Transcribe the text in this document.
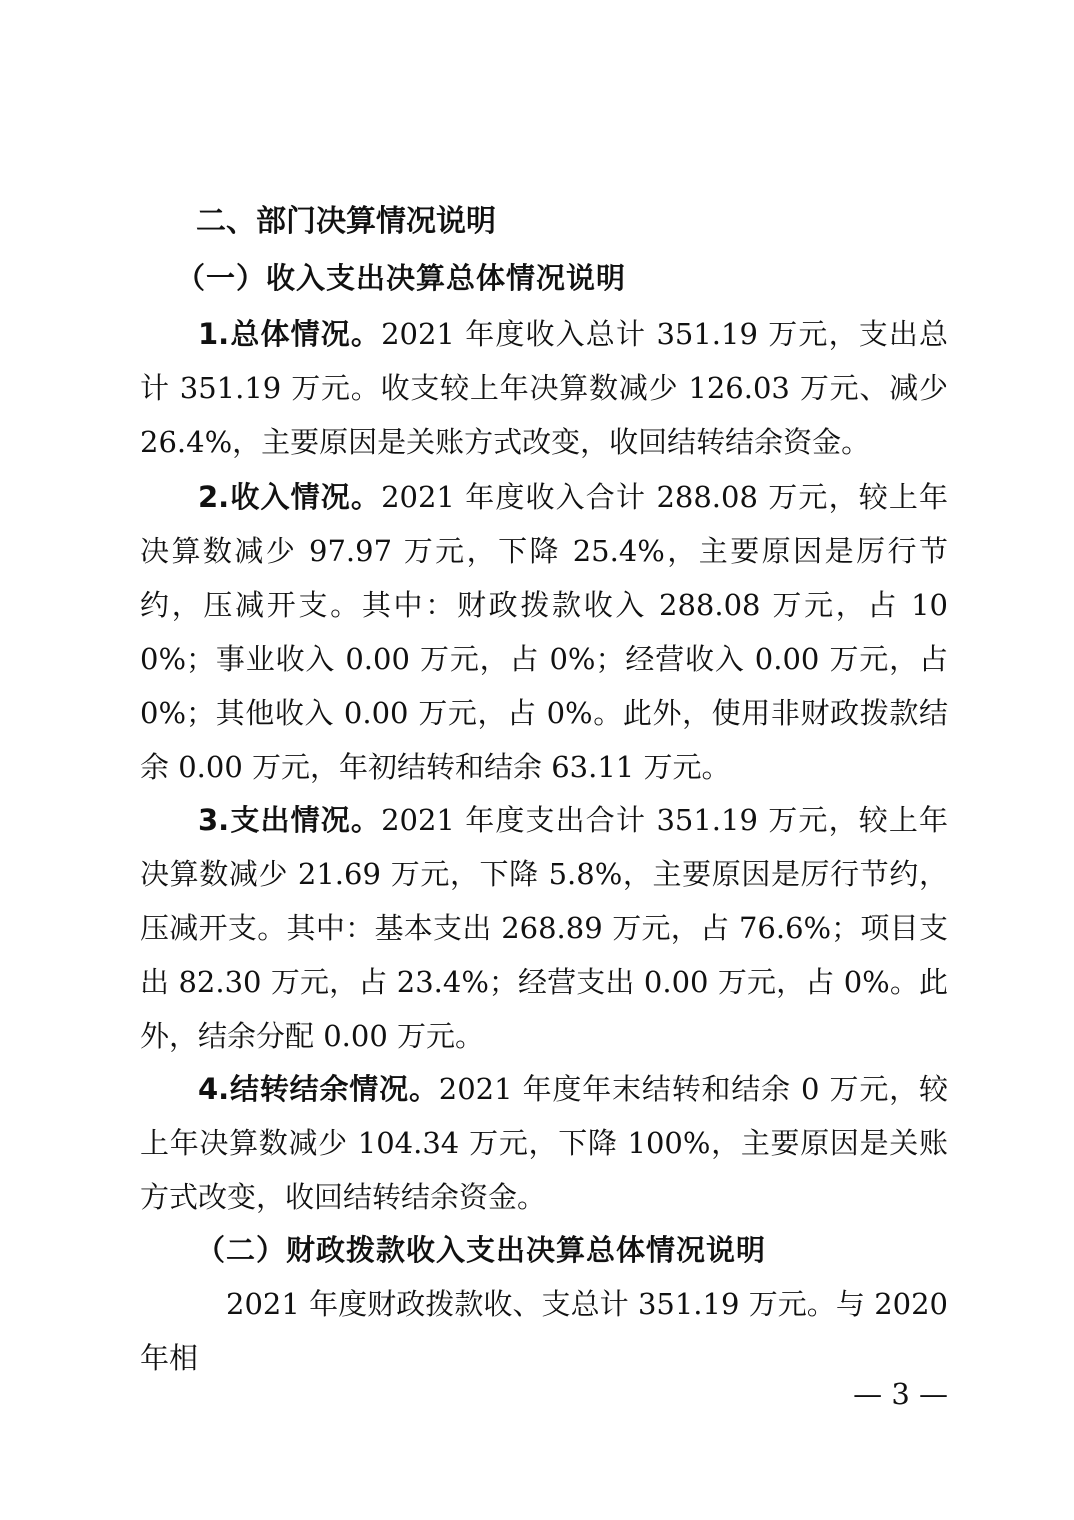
二、部门决算情况说明
（一）收入支出决算总体情况说明

1.总体情况。2021 年度收入总计 351.19 万元，支出总计 351.19 万元。收支较上年决算数减少 126.03 万元、减少 26.4%，主要原因是关账方式改变，收回结转结余资金。

2.收入情况。2021 年度收入合计 288.08 万元，较上年决算数减少 97.97 万元，下降 25.4%，主要原因是厉行节约，压减开支。其中：财政拨款收入 288.08 万元，占 100%；事业收入 0.00 万元，占 0%；经营收入 0.00 万元，占 0%；其他收入 0.00 万元，占 0%。此外，使用非财政拨款结余 0.00 万元，年初结转和结余 63.11 万元。

3.支出情况。2021 年度支出合计 351.19 万元，较上年决算数减少 21.69 万元，下降 5.8%，主要原因是厉行节约，压减开支。其中：基本支出 268.89 万元，占 76.6%；项目支出 82.30 万元，占 23.4%；经营支出 0.00 万元，占 0%。此外，结余分配 0.00 万元。

4.结转结余情况。2021 年度年末结转和结余 0 万元，较上年决算数减少 104.34 万元，下降 100%，主要原因是关账方式改变，收回结转结余资金。

（二）财政拨款收入支出决算总体情况说明

2021 年度财政拨款收、支总计 351.19 万元。与 2020 年相

— 3 —
